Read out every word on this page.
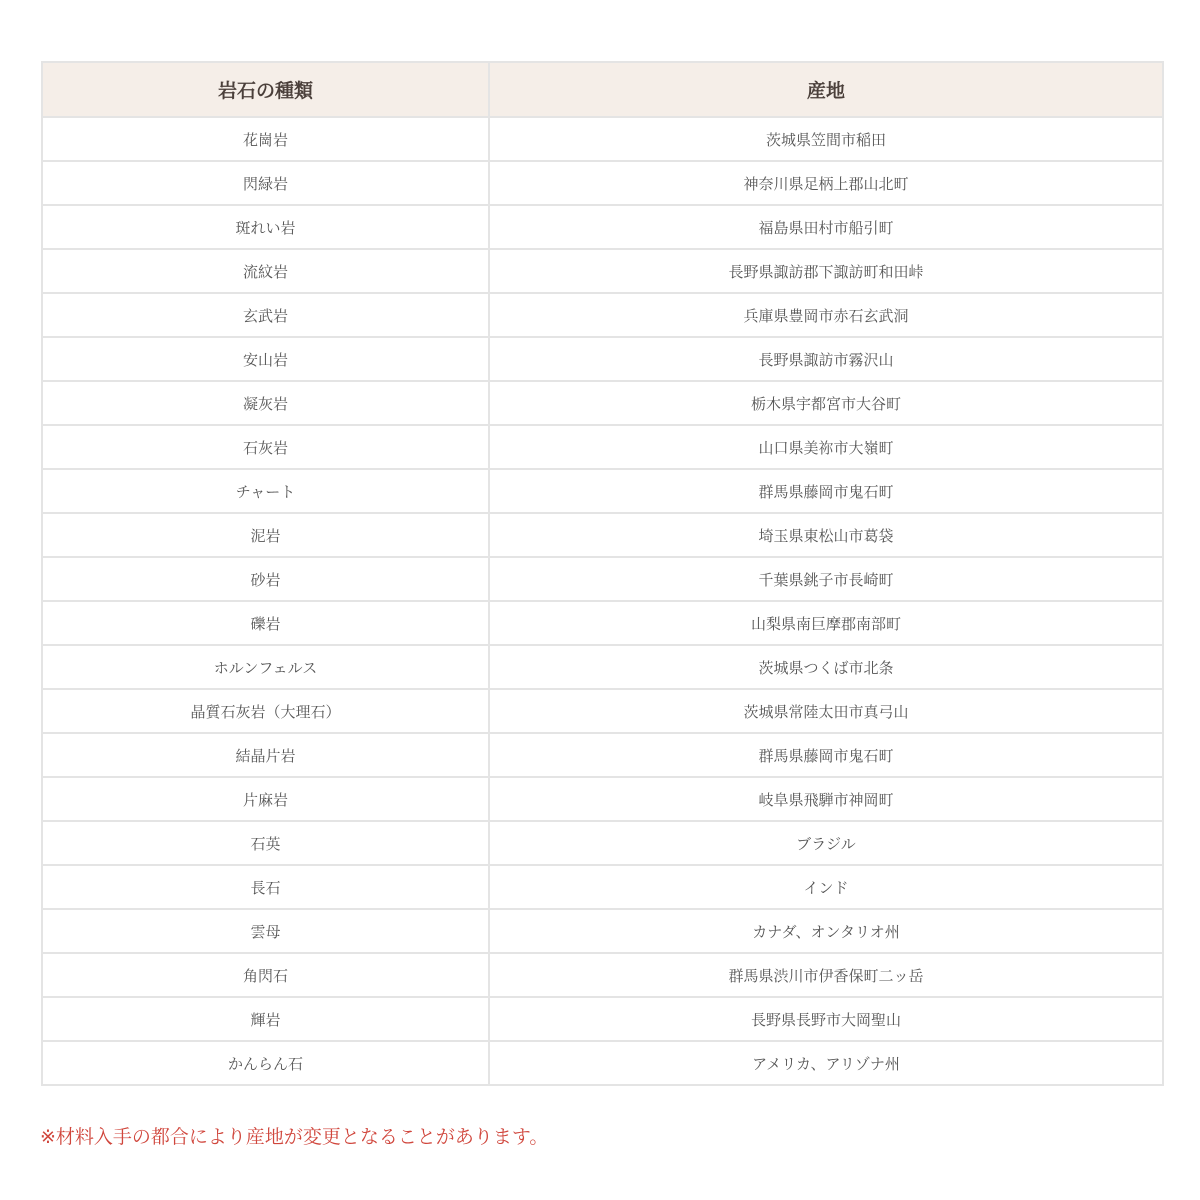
岩石の種類	産地
花崗岩	茨城県笠間市稲田
閃緑岩	神奈川県足柄上郡山北町
斑れい岩	福島県田村市船引町
流紋岩	長野県諏訪郡下諏訪町和田峠
玄武岩	兵庫県豊岡市赤石玄武洞
安山岩	長野県諏訪市霧沢山
凝灰岩	栃木県宇都宮市大谷町
石灰岩	山口県美祢市大嶺町
チャート	群馬県藤岡市鬼石町
泥岩	埼玉県東松山市葛袋
砂岩	千葉県銚子市長崎町
礫岩	山梨県南巨摩郡南部町
ホルンフェルス	茨城県つくば市北条
晶質石灰岩（大理石）	茨城県常陸太田市真弓山
結晶片岩	群馬県藤岡市鬼石町
片麻岩	岐阜県飛騨市神岡町
石英	ブラジル
長石	インド
雲母	カナダ、オンタリオ州
角閃石	群馬県渋川市伊香保町二ッ岳
輝岩	長野県長野市大岡聖山
かんらん石	アメリカ、アリゾナ州
※材料入手の都合により産地が変更となることがあります。
